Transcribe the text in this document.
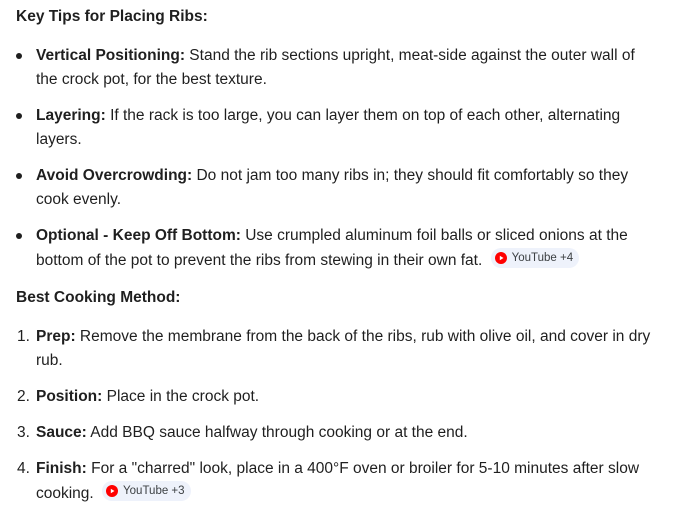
Key Tips for Placing Ribs:
Vertical Positioning: Stand the rib sections upright, meat-side against the outer wall of the crock pot, for the best texture.
Layering: If the rack is too large, you can layer them on top of each other, alternating layers.
Avoid Overcrowding: Do not jam too many ribs in; they should fit comfortably so they cook evenly.
Optional - Keep Off Bottom: Use crumpled aluminum foil balls or sliced onions at the bottom of the pot to prevent the ribs from stewing in their own fat.	YouTube +4
Best Cooking Method:
1. Prep: Remove the membrane from the back of the ribs, rub with olive oil, and cover in dry rub.
2. Position: Place in the crock pot.
3. Sauce: Add BBQ sauce halfway through cooking or at the end.
4. Finish: For a "charred" look, place in a 400°F oven or broiler for 5-10 minutes after slow cooking.	YouTube +3
